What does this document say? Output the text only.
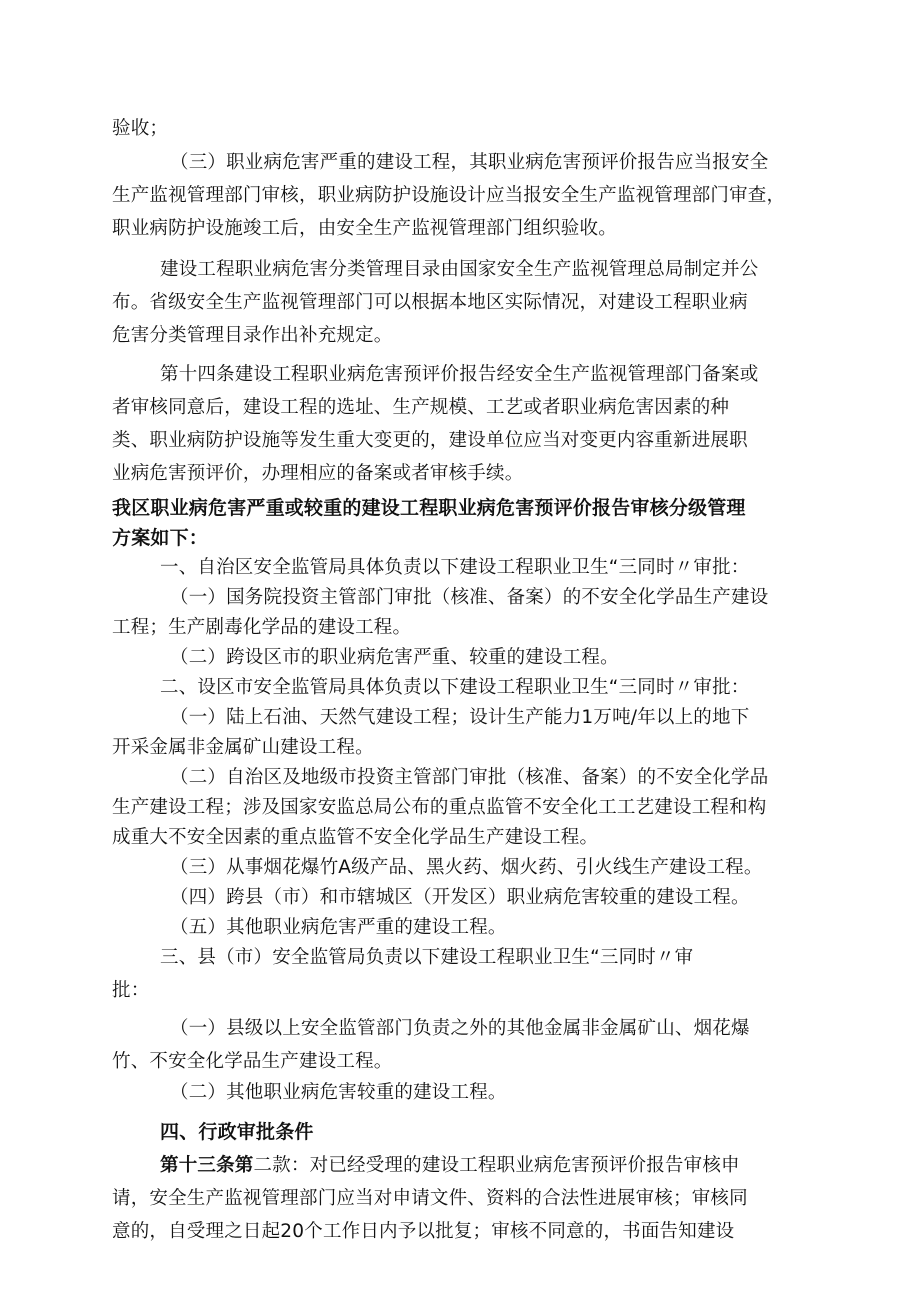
验收；
（三）职业病危害严重的建设工程，其职业病危害预评价报告应当报安全
生产监视管理部门审核，职业病防护设施设计应当报安全生产监视管理部门审查，
职业病防护设施竣工后，由安全生产监视管理部门组织验收。
建设工程职业病危害分类管理目录由国家安全生产监视管理总局制定并公
布。省级安全生产监视管理部门可以根据本地区实际情况，对建设工程职业病
危害分类管理目录作出补充规定。
第十四条建设工程职业病危害预评价报告经安全生产监视管理部门备案或
者审核同意后，建设工程的选址、生产规模、工艺或者职业病危害因素的种
类、职业病防护设施等发生重大变更的，建设单位应当对变更内容重新进展职
业病危害预评价，办理相应的备案或者审核手续。
我区职业病危害严重或较重的建设工程职业病危害预评价报告审核分级管理
方案如下：
一、自治区安全监管局具体负责以下建设工程职业卫生“三同时〃审批：
（一）国务院投资主管部门审批（核准、备案）的不安全化学品生产建设
工程；生产剧毒化学品的建设工程。
（二）跨设区市的职业病危害严重、较重的建设工程。
二、设区市安全监管局具体负责以下建设工程职业卫生“三同时〃审批：
（一）陆上石油、天然气建设工程；设计生产能力1万吨/年以上的地下
开采金属非金属矿山建设工程。
（二）自治区及地级市投资主管部门审批（核准、备案）的不安全化学品
生产建设工程；涉及国家安监总局公布的重点监管不安全化工工艺建设工程和构
成重大不安全因素的重点监管不安全化学品生产建设工程。
（三）从事烟花爆竹A级产品、黑火药、烟火药、引火线生产建设工程。
（四）跨县（市）和市辖城区（开发区）职业病危害较重的建设工程。
（五）其他职业病危害严重的建设工程。
三、县（市）安全监管局负责以下建设工程职业卫生“三同时〃审
批：
（一）县级以上安全监管部门负责之外的其他金属非金属矿山、烟花爆
竹、不安全化学品生产建设工程。
（二）其他职业病危害较重的建设工程。
四、行政审批条件
第十三条第二款：对已经受理的建设工程职业病危害预评价报告审核申
请，安全生产监视管理部门应当对申请文件、资料的合法性进展审核；审核同
意的，自受理之日起20个工作日内予以批复；审核不同意的，书面告知建设
